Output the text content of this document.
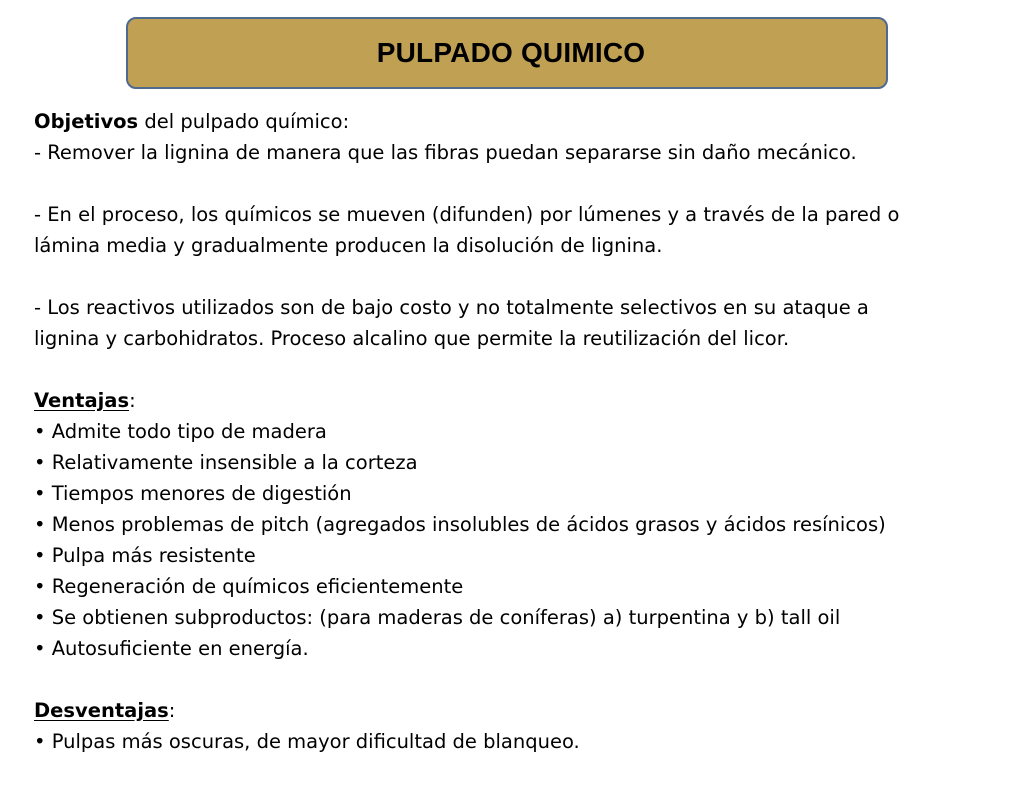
PULPADO QUIMICO
Objetivos del pulpado químico:
- Remover la lignina de manera que las fibras puedan separarse sin daño mecánico.
- En el proceso, los químicos se mueven (difunden) por lúmenes y a través de la pared o
lámina media y gradualmente producen la disolución de lignina.
- Los reactivos utilizados son de bajo costo y no totalmente selectivos en su ataque a
lignina y carbohidratos. Proceso alcalino que permite la reutilización del licor.
Ventajas:
• Admite todo tipo de madera
• Relativamente insensible a la corteza
• Tiempos menores de digestión
• Menos problemas de pitch (agregados insolubles de ácidos grasos y ácidos resínicos)
• Pulpa más resistente
• Regeneración de químicos eficientemente
• Se obtienen subproductos: (para maderas de coníferas) a) turpentina y b) tall oil
• Autosuficiente en energía.
Desventajas:
• Pulpas más oscuras, de mayor dificultad de blanqueo.
